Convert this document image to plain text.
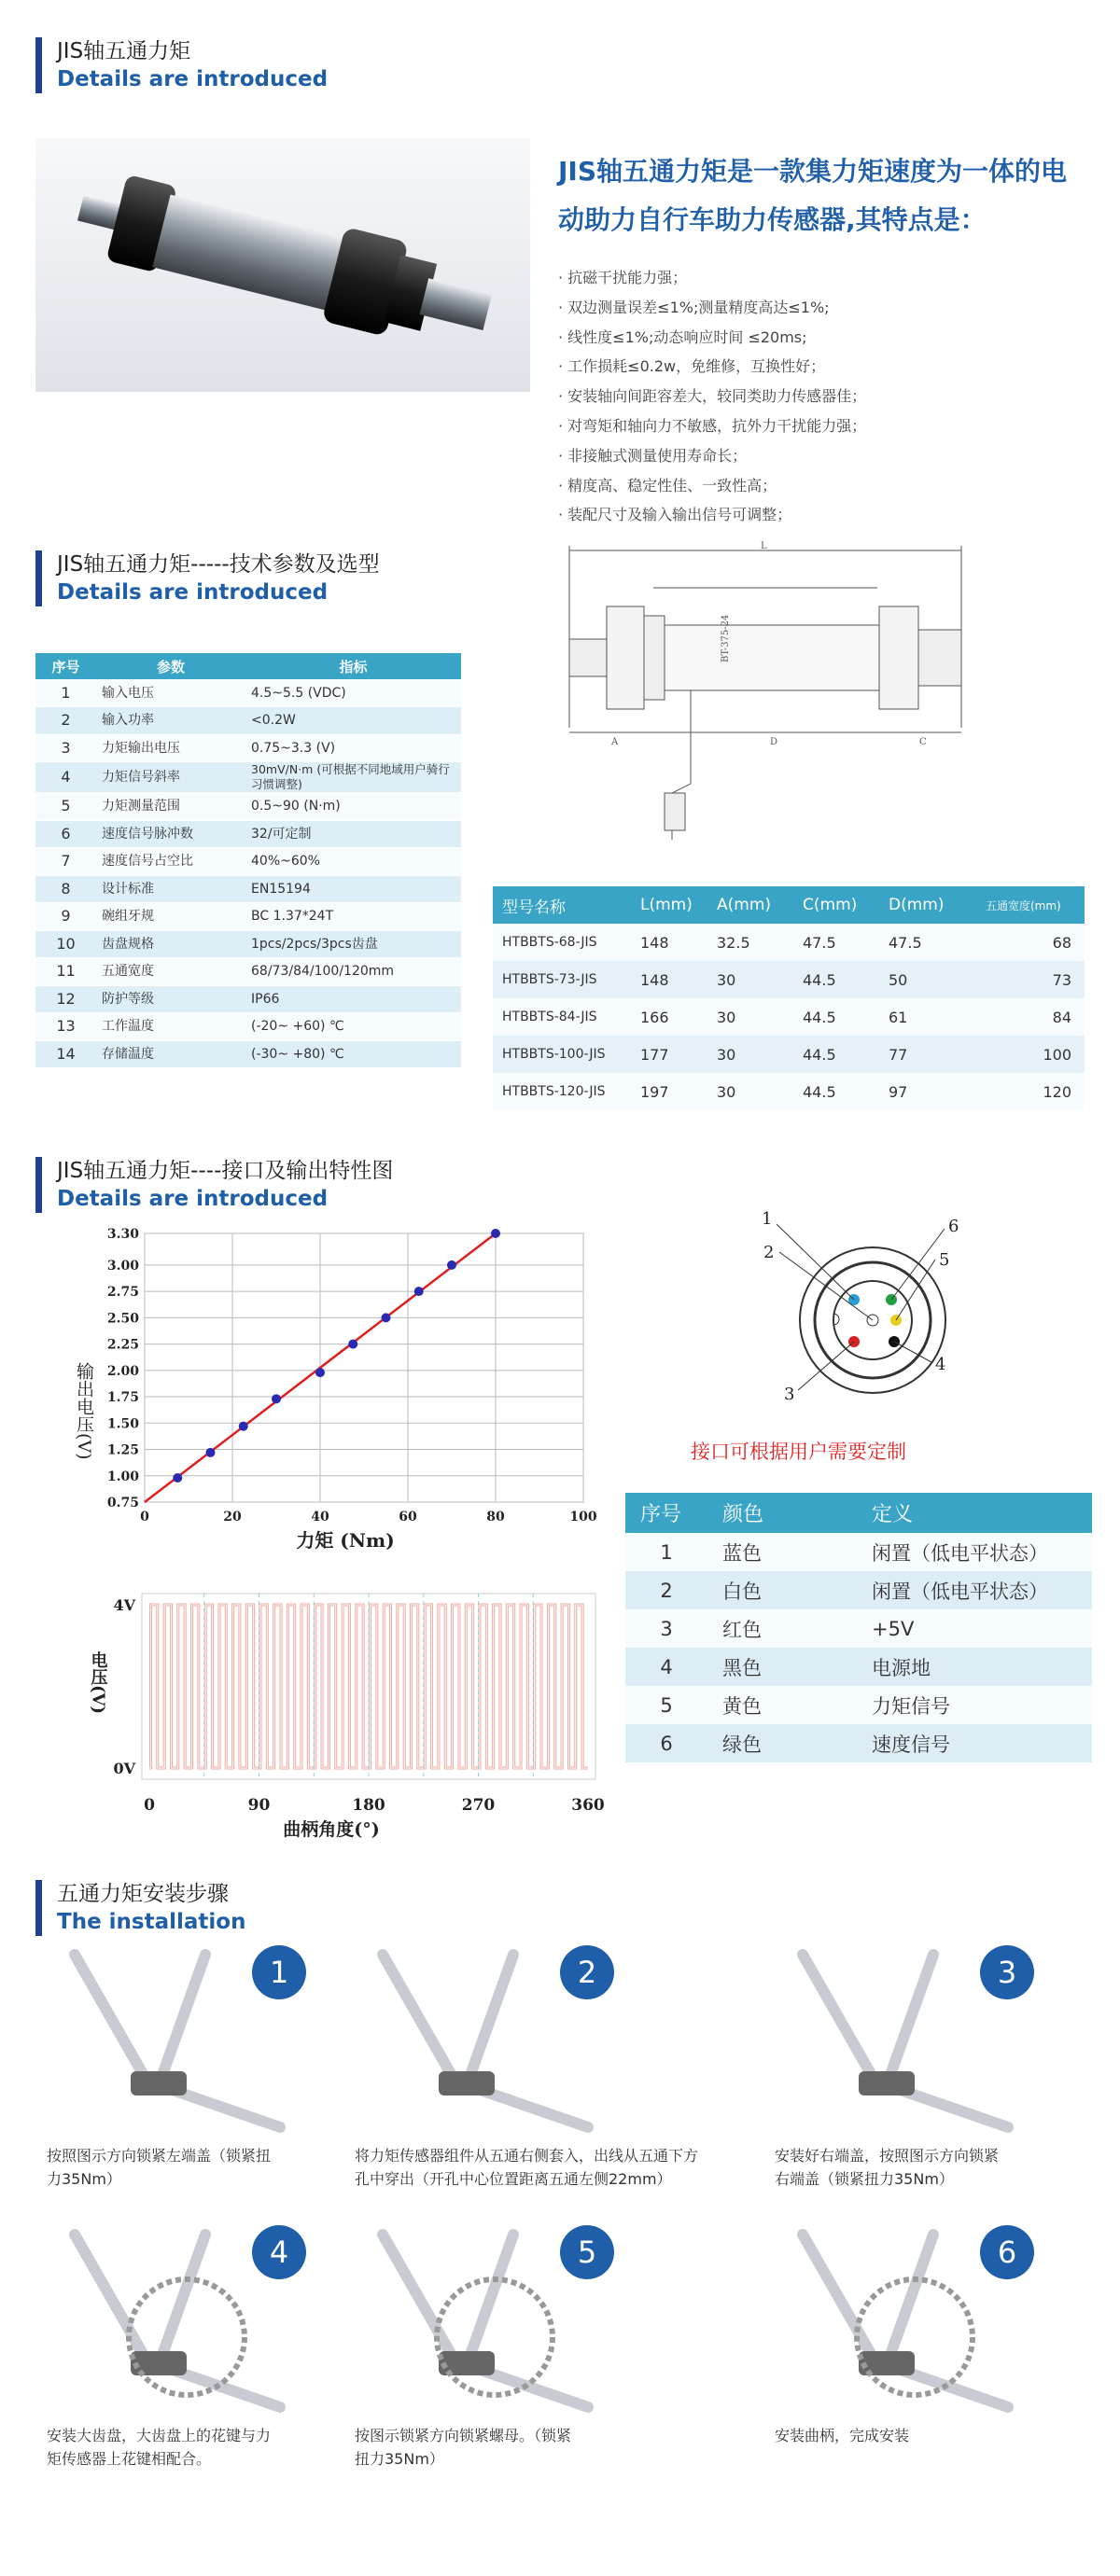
JIS轴五通力矩
Details are introduced
JIS轴五通力矩是一款集力矩速度为一体的电动助力自行车助力传感器,其特点是：
· 抗磁干扰能力强；
· 双边测量误差≤1%;测量精度高达≤1%;
· 线性度≤1%;动态响应时间 ≤20ms;
· 工作损耗≤0.2w，免维修，互换性好；
· 安装轴向间距容差大，较同类助力传感器佳；
· 对弯矩和轴向力不敏感，抗外力干扰能力强；
· 非接触式测量使用寿命长；
· 精度高、稳定性佳、一致性高；
· 装配尺寸及输入输出信号可调整；
JIS轴五通力矩-----技术参数及选型
Details are introduced
序号	参数	指标
1	输入电压	4.5~5.5 (VDC)
2	输入功率	<0.2W
3	力矩输出电压	0.75~3.3 (V)
4	力矩信号斜率	30mV/N·m (可根据不同地域用户骑行习惯调整)
5	力矩测量范围	0.5~90 (N·m)
6	速度信号脉冲数	32/可定制
7	速度信号占空比	40%~60%
8	设计标准	EN15194
9	碗组牙规	BC 1.37*24T
10	齿盘规格	1pcs/2pcs/3pcs齿盘
11	五通宽度	68/73/84/100/120mm
12	防护等级	IP66
13	工作温度	(-20~ +60) ℃
14	存储温度	(-30~ +80) ℃
L
A	D	C
BT-375-24
型号名称	L(mm)	A(mm)	C(mm)	D(mm)	五通宽度(mm)
HTBBTS-68-JIS	148	32.5	47.5	47.5	68
HTBBTS-73-JIS	148	30	44.5	50	73
HTBBTS-84-JIS	166	30	44.5	61	84
HTBBTS-100-JIS	177	30	44.5	77	100
HTBBTS-120-JIS	197	30	44.5	97	120
JIS轴五通力矩----接口及输出特性图
Details are introduced
0.75
1.00
1.25
1.50
1.75
2.00
2.25
2.50
2.75
3.00
3.30
0	20	40	60	80	100
力矩 (Nm)
输出电压(V)
4V
0V
0	90	180	270	360
曲柄角度(°)
电压(V)
1
2
3
4
5
6
接口可根据用户需要定制
序号	颜色	定义
1	蓝色	闲置（低电平状态）
2	白色	闲置（低电平状态）
3	红色	+5V
4	黑色	电源地
5	黄色	力矩信号
6	绿色	速度信号
五通力矩安装步骤
The installation
1
按照图示方向锁紧左端盖（锁紧扭力35Nm）
2
将力矩传感器组件从五通右侧套入，出线从五通下方孔中穿出（开孔中心位置距离五通左侧22mm）
3
安装好右端盖，按照图示方向锁紧右端盖（锁紧扭力35Nm）
4
安装大齿盘，大齿盘上的花键与力矩传感器上花键相配合。
5
按图示锁紧方向锁紧螺母。（锁紧扭力35Nm）
6
安装曲柄，完成安装
